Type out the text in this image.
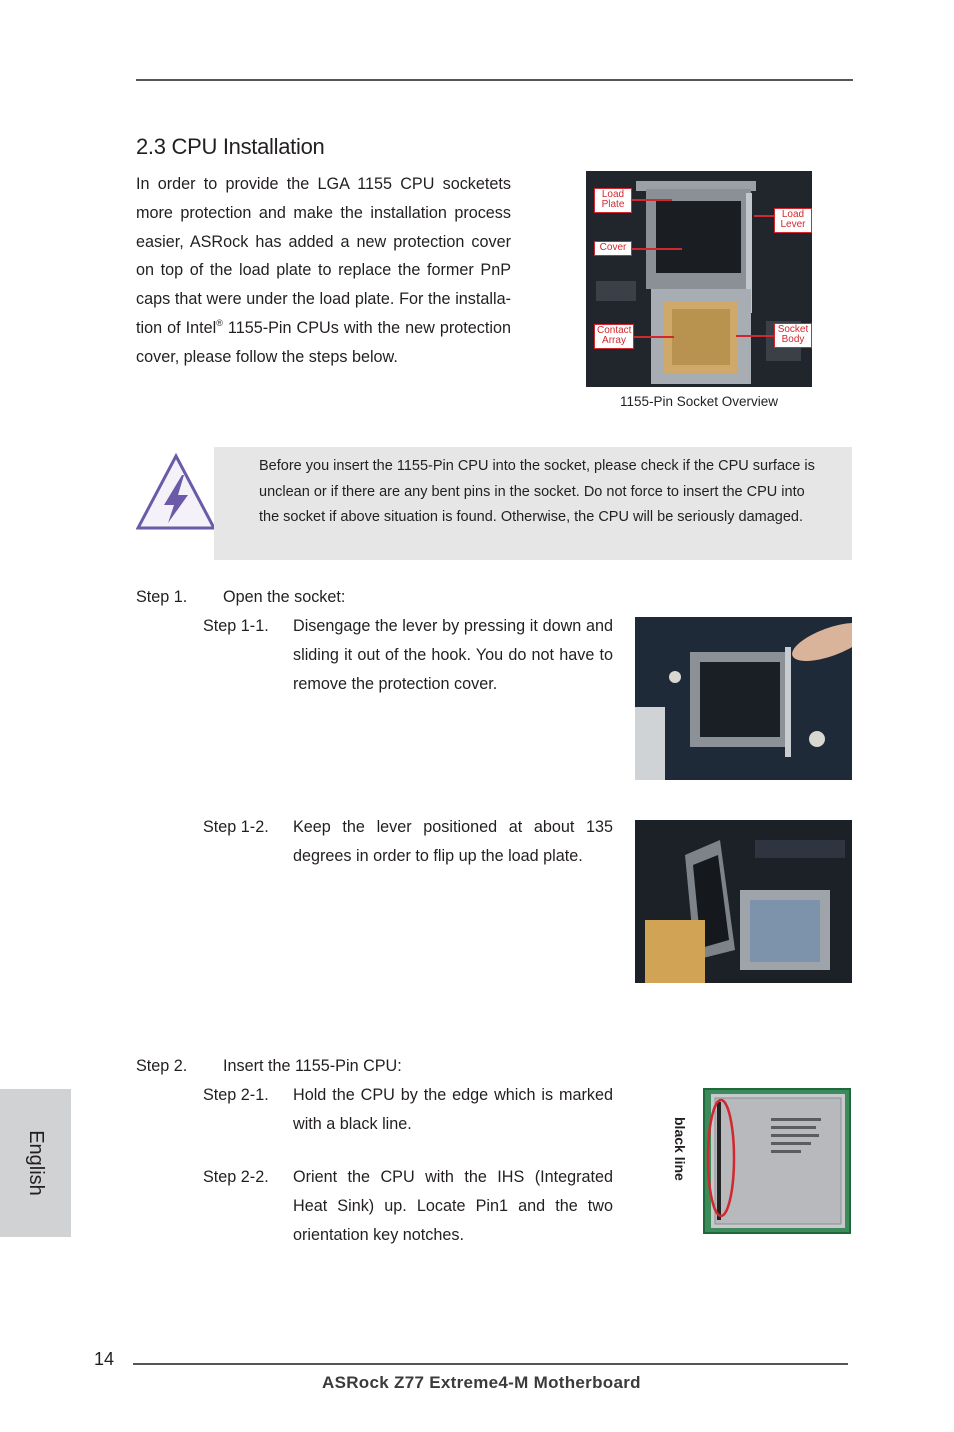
2.3 CPU Installation
In order to provide the LGA 1155 CPU socketets more protection and make the installation process easier, ASRock has added a new protection cover on top of the load plate to replace the former PnP caps that were under the load plate. For the installation of Intel® 1155-Pin CPUs with the new protection cover, please follow the steps below.
Load
Plate
Load
Lever
Cover
Contact
Array
Socket
Body
1155-Pin Socket Overview
Before you insert the 1155-Pin CPU into the socket, please check if the CPU surface is unclean or if there are any bent pins in the socket. Do not force to insert the CPU into the socket if above situation is found. Otherwise, the CPU will be seriously damaged.
Step 1. Open the socket:
Step 1-1. Disengage the lever by pressing it down and sliding it out of the hook. You do not have to remove the protection cover.
Step 1-2. Keep the lever positioned at about 135 degrees in order to flip up the load plate.
Step 2. Insert the 1155-Pin CPU:
Step 2-1. Hold the CPU by the edge which is marked with a black line.
Step 2-2. Orient the CPU with the IHS (Integrated Heat Sink) up. Locate Pin1 and the two orientation key notches.
black line
English
14
ASRock Z77 Extreme4-M Motherboard
